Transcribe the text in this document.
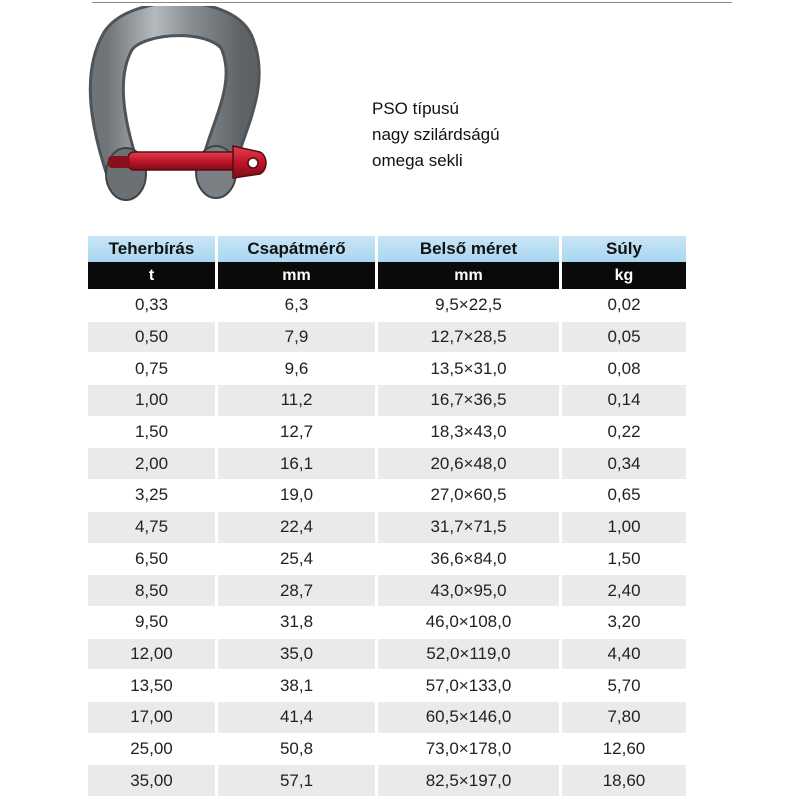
PSO típusú
nagy szilárdságú
omega sekli
Teherbírás	Csapátmérő	Belső méret	Súly
t	mm	mm	kg
0,33	6,3	9,5×22,5	0,02
0,50	7,9	12,7×28,5	0,05
0,75	9,6	13,5×31,0	0,08
1,00	11,2	16,7×36,5	0,14
1,50	12,7	18,3×43,0	0,22
2,00	16,1	20,6×48,0	0,34
3,25	19,0	27,0×60,5	0,65
4,75	22,4	31,7×71,5	1,00
6,50	25,4	36,6×84,0	1,50
8,50	28,7	43,0×95,0	2,40
9,50	31,8	46,0×108,0	3,20
12,00	35,0	52,0×119,0	4,40
13,50	38,1	57,0×133,0	5,70
17,00	41,4	60,5×146,0	7,80
25,00	50,8	73,0×178,0	12,60
35,00	57,1	82,5×197,0	18,60
